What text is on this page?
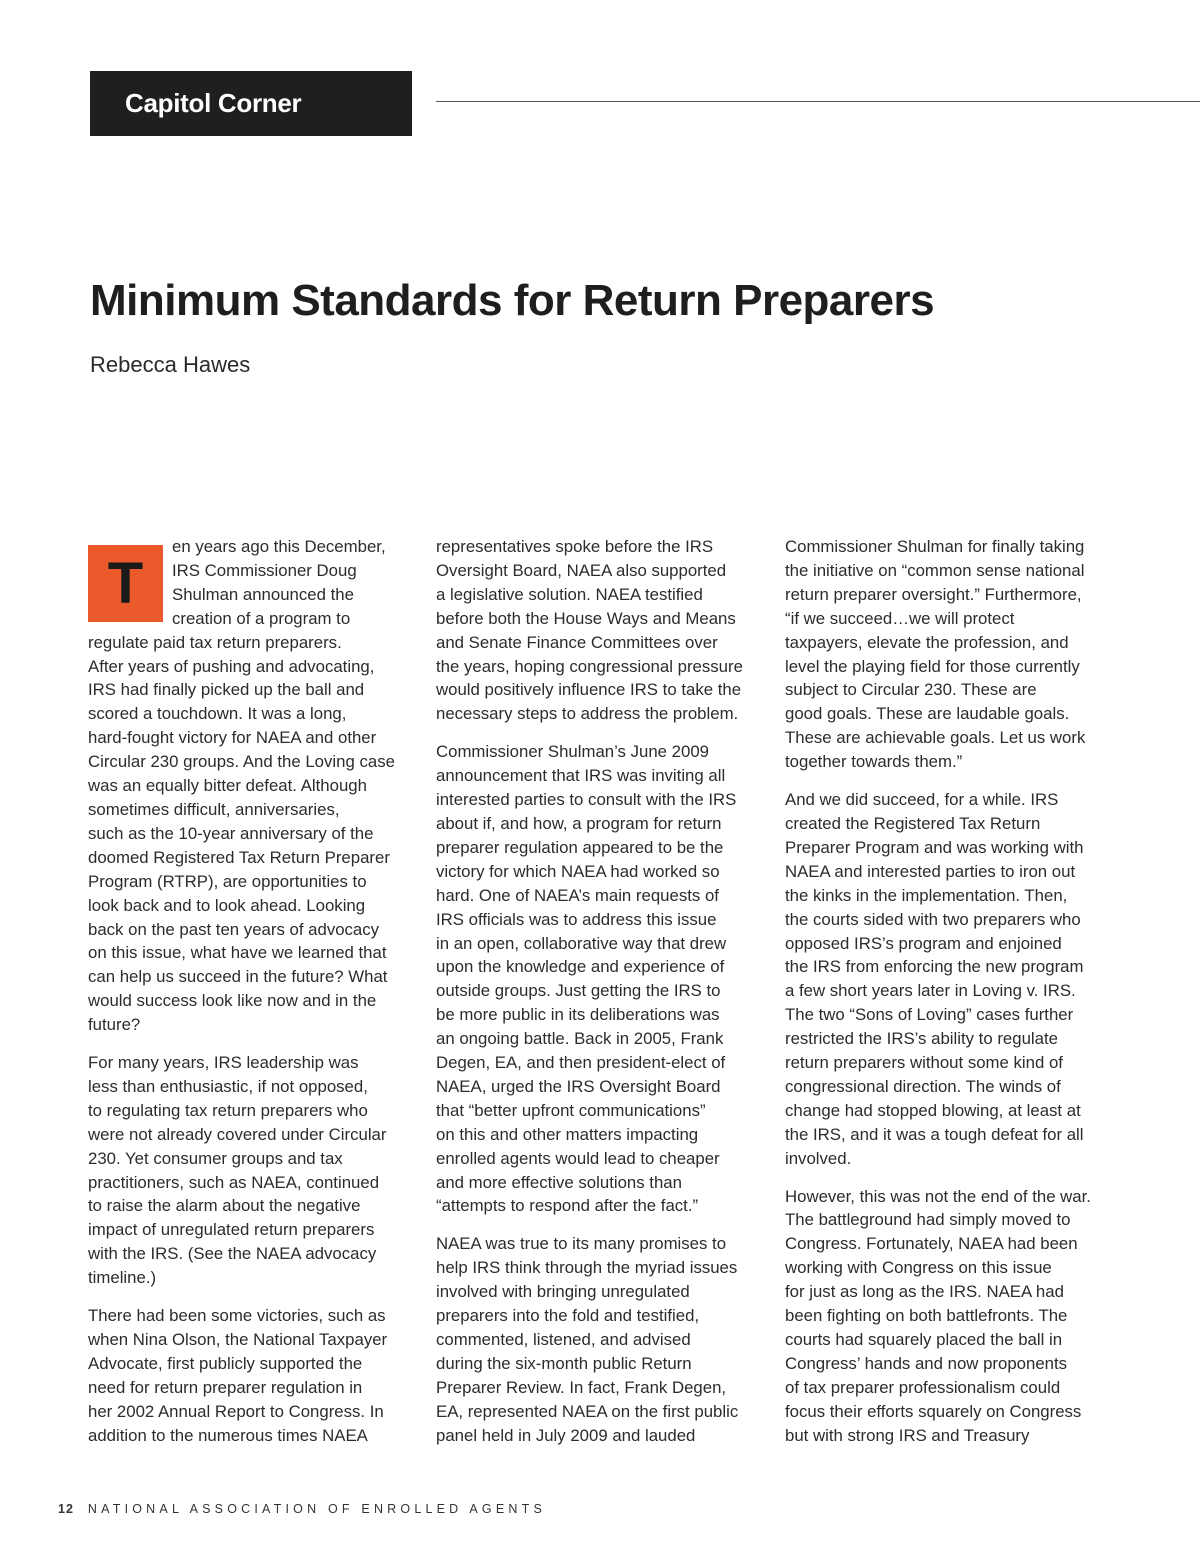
Capitol Corner
Minimum Standards for Return Preparers
Rebecca Hawes
T
en years ago this December,
IRS Commissioner Doug
Shulman announced the
creation of a program to
regulate paid tax return preparers.
After years of pushing and advocating,
IRS had finally picked up the ball and
scored a touchdown. It was a long,
hard-fought victory for NAEA and other
Circular 230 groups. And the Loving case
was an equally bitter defeat. Although
sometimes difficult, anniversaries,
such as the 10-year anniversary of the
doomed Registered Tax Return Preparer
Program (RTRP), are opportunities to
look back and to look ahead. Looking
back on the past ten years of advocacy
on this issue, what have we learned that
can help us succeed in the future? What
would success look like now and in the
future?
For many years, IRS leadership was
less than enthusiastic, if not opposed,
to regulating tax return preparers who
were not already covered under Circular
230. Yet consumer groups and tax
practitioners, such as NAEA, continued
to raise the alarm about the negative
impact of unregulated return preparers
with the IRS. (See the NAEA advocacy
timeline.)
There had been some victories, such as
when Nina Olson, the National Taxpayer
Advocate, first publicly supported the
need for return preparer regulation in
her 2002 Annual Report to Congress. In
addition to the numerous times NAEA
representatives spoke before the IRS
Oversight Board, NAEA also supported
a legislative solution. NAEA testified
before both the House Ways and Means
and Senate Finance Committees over
the years, hoping congressional pressure
would positively influence IRS to take the
necessary steps to address the problem.
Commissioner Shulman’s June 2009
announcement that IRS was inviting all
interested parties to consult with the IRS
about if, and how, a program for return
preparer regulation appeared to be the
victory for which NAEA had worked so
hard. One of NAEA’s main requests of
IRS officials was to address this issue
in an open, collaborative way that drew
upon the knowledge and experience of
outside groups. Just getting the IRS to
be more public in its deliberations was
an ongoing battle. Back in 2005, Frank
Degen, EA, and then president-elect of
NAEA, urged the IRS Oversight Board
that “better upfront communications”
on this and other matters impacting
enrolled agents would lead to cheaper
and more effective solutions than
“attempts to respond after the fact.”
NAEA was true to its many promises to
help IRS think through the myriad issues
involved with bringing unregulated
preparers into the fold and testified,
commented, listened, and advised
during the six-month public Return
Preparer Review. In fact, Frank Degen,
EA, represented NAEA on the first public
panel held in July 2009 and lauded
Commissioner Shulman for finally taking
the initiative on “common sense national
return preparer oversight.” Furthermore,
“if we succeed…we will protect
taxpayers, elevate the profession, and
level the playing field for those currently
subject to Circular 230. These are
good goals. These are laudable goals.
These are achievable goals. Let us work
together towards them.”
And we did succeed, for a while. IRS
created the Registered Tax Return
Preparer Program and was working with
NAEA and interested parties to iron out
the kinks in the implementation. Then,
the courts sided with two preparers who
opposed IRS’s program and enjoined
the IRS from enforcing the new program
a few short years later in Loving v. IRS.
The two “Sons of Loving” cases further
restricted the IRS’s ability to regulate
return preparers without some kind of
congressional direction. The winds of
change had stopped blowing, at least at
the IRS, and it was a tough defeat for all
involved.
However, this was not the end of the war.
The battleground had simply moved to
Congress. Fortunately, NAEA had been
working with Congress on this issue
for just as long as the IRS. NAEA had
been fighting on both battlefronts. The
courts had squarely placed the ball in
Congress’ hands and now proponents
of tax preparer professionalism could
focus their efforts squarely on Congress
but with strong IRS and Treasury
12 NATIONAL ASSOCIATION OF ENROLLED AGENTS
